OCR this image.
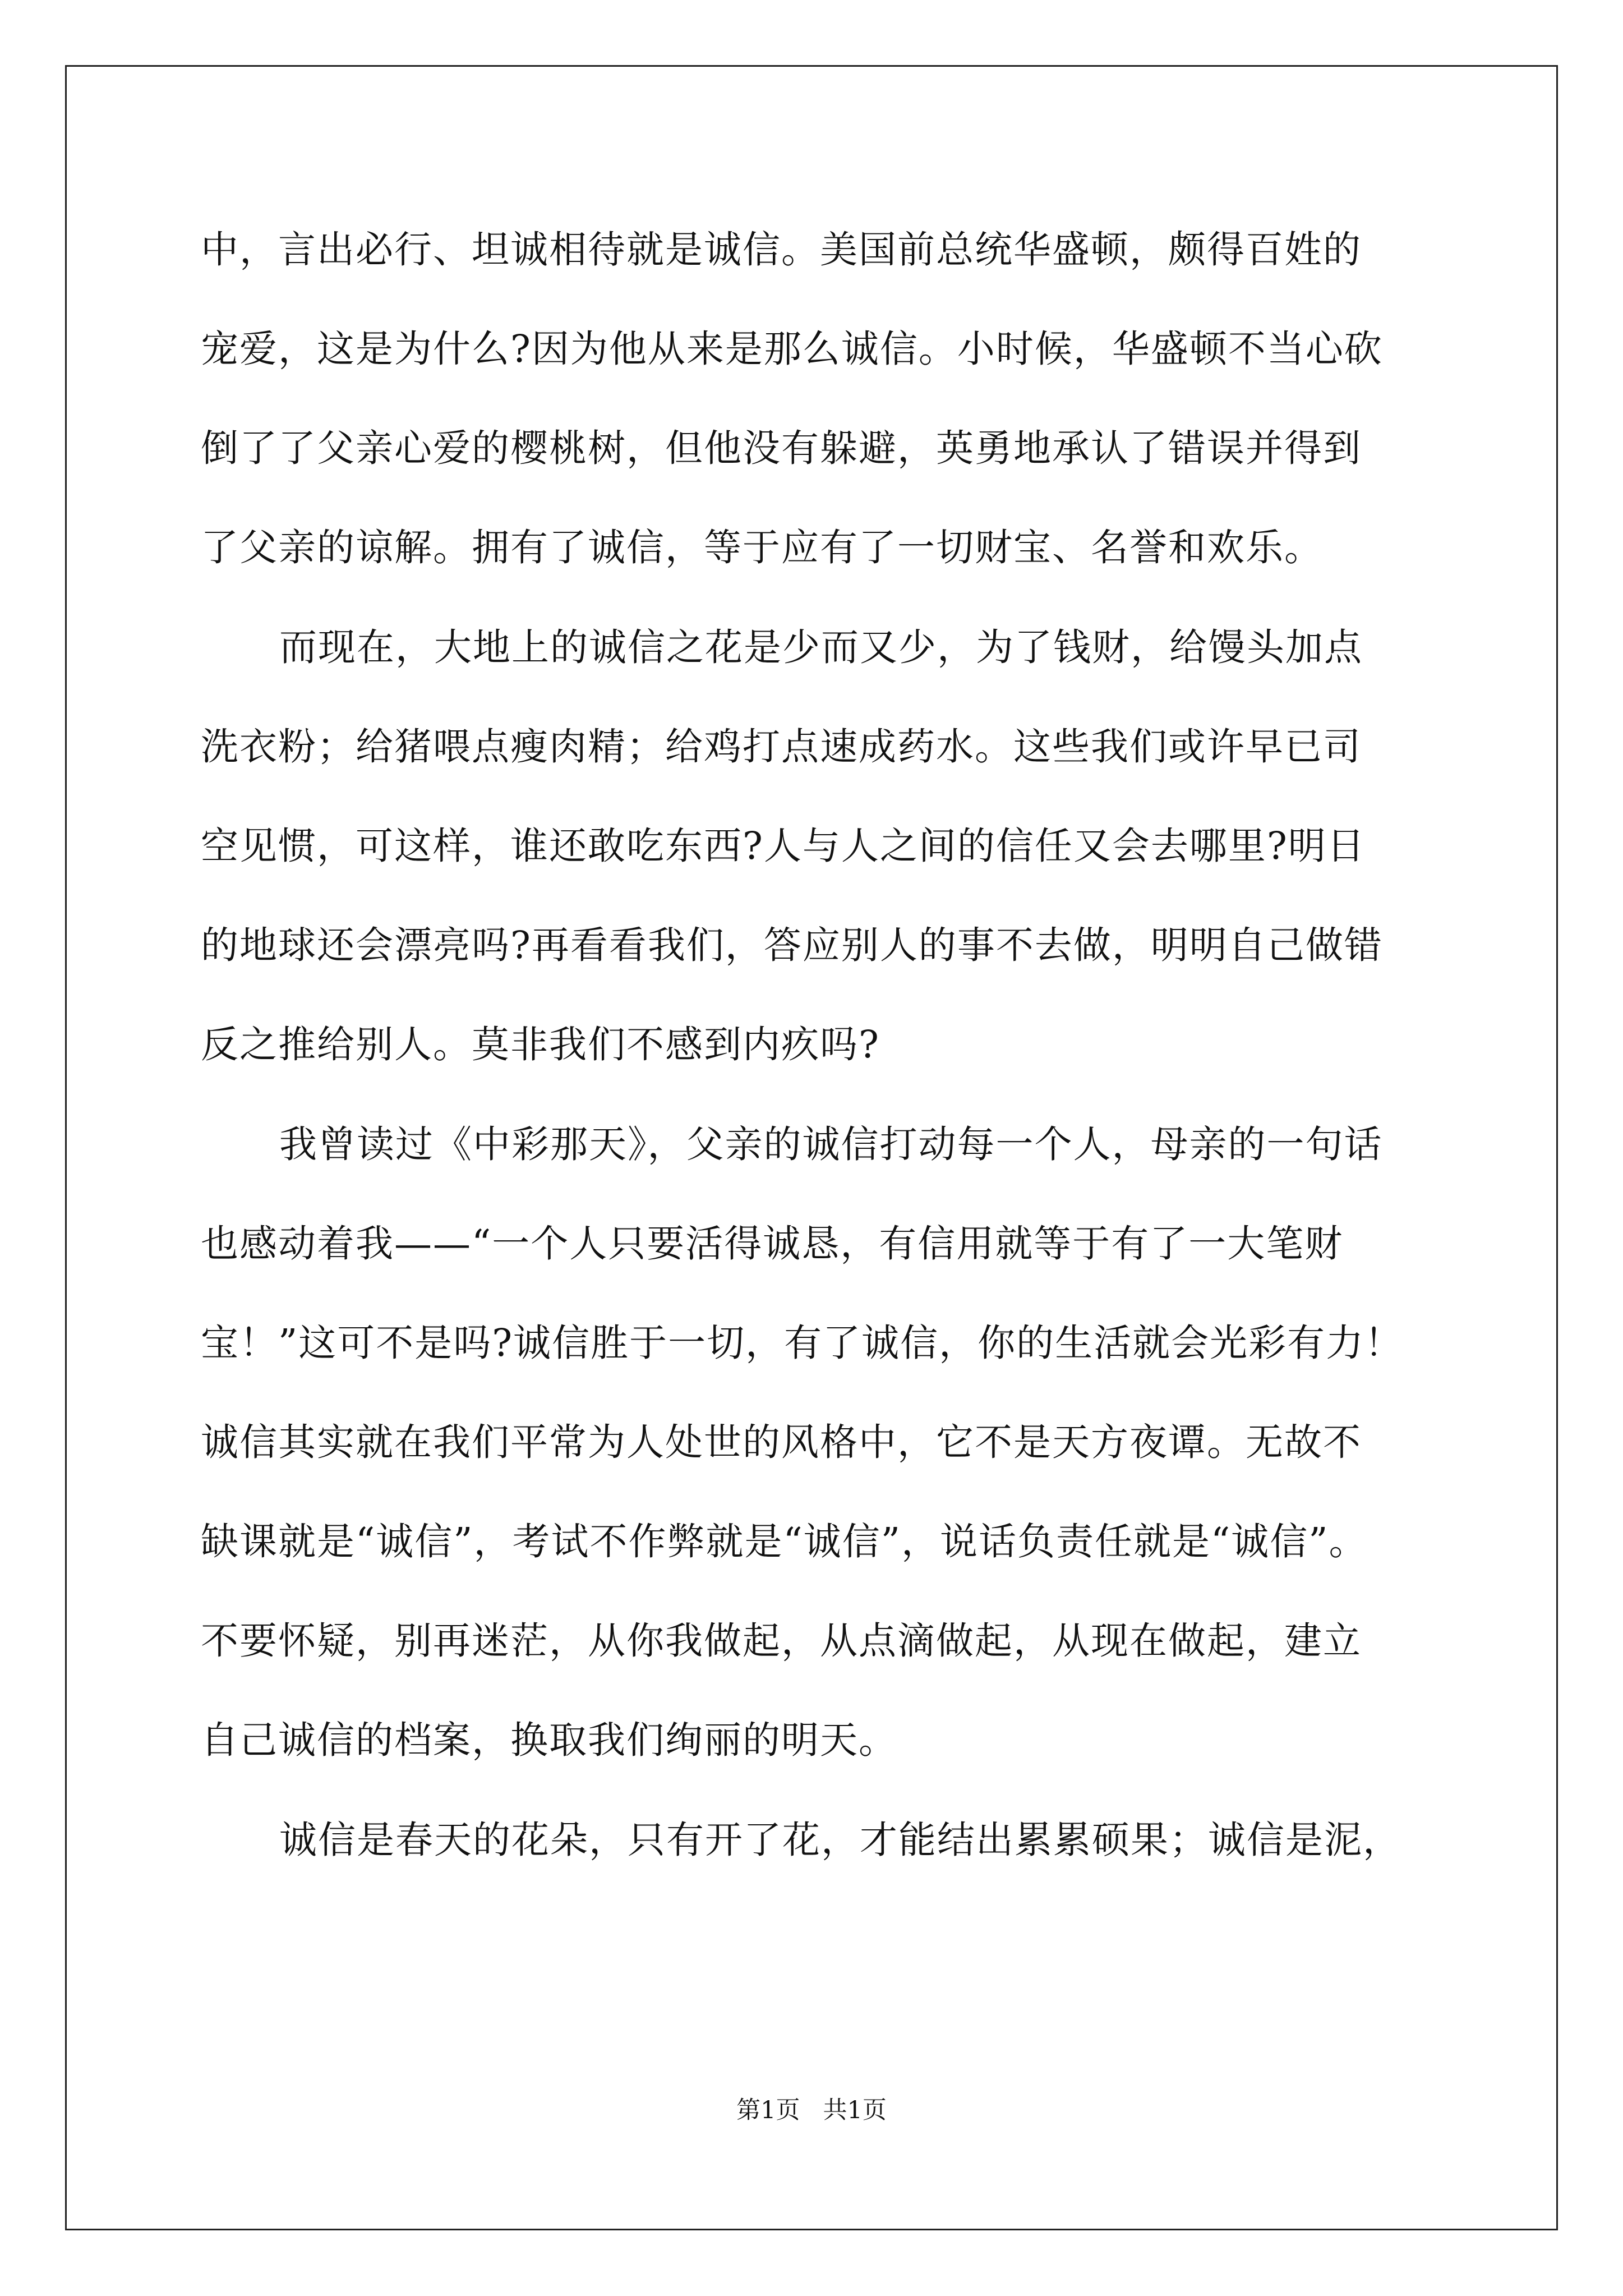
中，言出必行、坦诚相待就是诚信。美国前总统华盛顿，颇得百姓的
宠爱，这是为什么?因为他从来是那么诚信。小时候，华盛顿不当心砍
倒了了父亲心爱的樱桃树，但他没有躲避，英勇地承认了错误并得到
了父亲的谅解。拥有了诚信，等于应有了一切财宝、名誉和欢乐。
而现在，大地上的诚信之花是少而又少，为了钱财，给馒头加点
洗衣粉；给猪喂点瘦肉精；给鸡打点速成药水。这些我们或许早已司
空见惯，可这样，谁还敢吃东西?人与人之间的信任又会去哪里?明日
的地球还会漂亮吗?再看看我们，答应别人的事不去做，明明自己做错
反之推给别人。莫非我们不感到内疚吗?
我曾读过《中彩那天》，父亲的诚信打动每一个人，母亲的一句话
也感动着我——“一个人只要活得诚恳，有信用就等于有了一大笔财
宝！”这可不是吗?诚信胜于一切，有了诚信，你的生活就会光彩有力！
诚信其实就在我们平常为人处世的风格中，它不是天方夜谭。无故不
缺课就是“诚信”，考试不作弊就是“诚信”，说话负责任就是“诚信”。
不要怀疑，别再迷茫，从你我做起，从点滴做起，从现在做起，建立
自己诚信的档案，换取我们绚丽的明天。
诚信是春天的花朵，只有开了花，才能结出累累硕果；诚信是泥，
第1页   共1页
